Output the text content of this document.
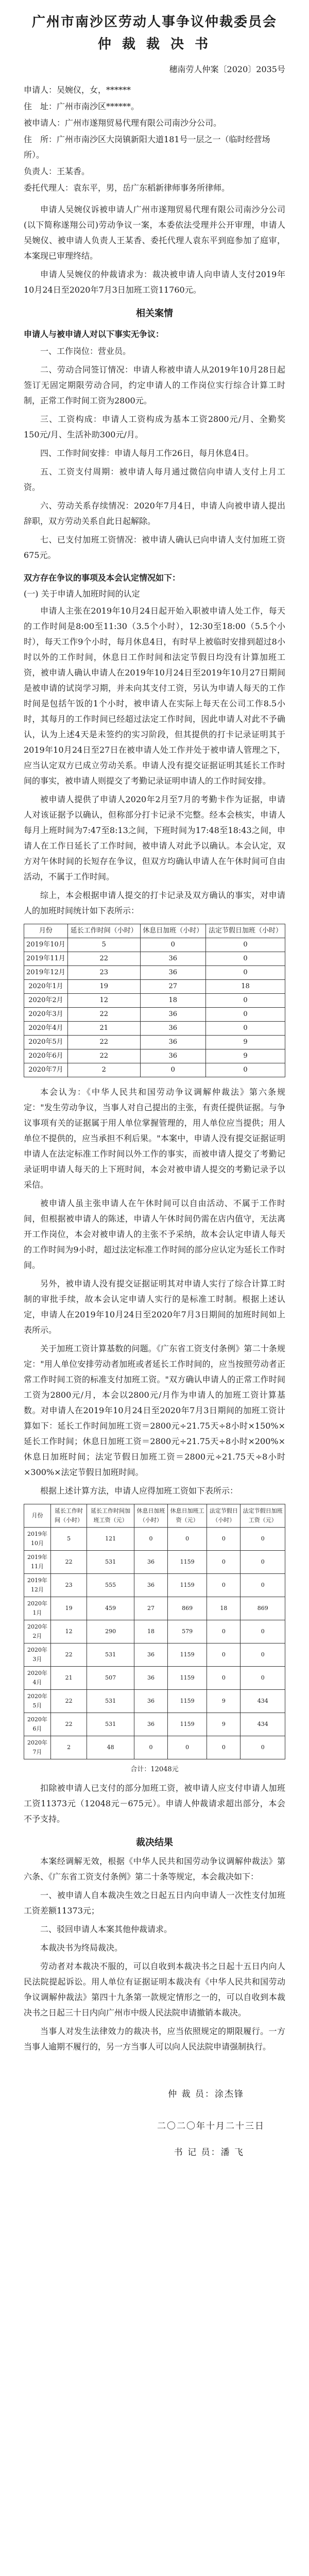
广州市南沙区劳动人事争议仲裁委员会
仲 裁 裁 决 书
穗南劳人仲案〔2020〕2035号
申请人：吴婉仪，女，******
住　址：广州市南沙区******。
被申请人：广州市遂翔贸易代理有限公司南沙分公司。
住　所：广州市南沙区大岗镇新阳大道181号一层之一（临时经营场所）。
负责人：王某香。
委托代理人：袁东平，男，岳广东稻新律师事务所律师。

申请人吴婉仪诉被申请人广州市遂翔贸易代理有限公司南沙分公司(以下简称遂翔公司)劳动争议一案，本委依法受理并公开审理，申请人吴婉仪、被申请人负责人王某香、委托代理人袁东平到庭参加了庭审，本案现已审理终结。

申请人吴婉仪的仲裁请求为：裁决被申请人向申请人支付2019年10月24日至2020年7月3日加班工资11760元。

相关案情
申请人与被申请人对以下事实无争议：

一、工作岗位：营业员。

二、劳动合同签订情况：申请人称被申请人从2019年10月28日起签订无固定期限劳动合同，约定申请人的工作岗位实行综合计算工时制，正常工作时间工资为2800元。

三、工资构成：申请人工资构成为基本工资2800元/月、全勤奖150元/月、生活补助300元/月。

四、工作时间安排：申请人每月工作26日，每月休息4日。

五、工资支付周期：被申请人每月通过微信向申请人支付上月工资。

六、劳动关系存续情况：2020年7月4日，申请人向被申请人提出辞职，双方劳动关系自此日起解除。

七、已支付加班工资情况：被申请人确认已向申请人支付加班工资675元。

双方存在争议的事项及本会认定情况如下：
(一) 关于申请人加班时间的认定

申请人主张在2019年10月24日起开始入职被申请人处工作，每天的工作时间是8:00至11:30（3.5个小时），12:30至18:00（5.5个小时），每天工作9个小时，每月休息4日，有时早上被临时安排到超过8小时以外的工作时间，休息日工作时间和法定节假日均没有计算加班工资，被申请人确认申请人在2019年10月24日至2019年10月27日期间是被申请的试岗学习期，并未向其支付工资，另认为申请人每天的工作时间是包括午饭的1个小时，被申请人在实际上每天在公司工作8.5小时，其每月的工作时间已经超过法定工作时间，因此申请人对此不予确认，认为上述4天是未签约的实习阶段，但其提供的打卡记录证明其于2019年10月24日至27日在被申请人处工作并处于被申请人管理之下，应当认定双方已成立劳动关系。申请人没有提交证据证明其延长工作时间的事实，被申请人则提交了考勤记录证明申请人的工作时间安排。

被申请人提供了申请人2020年2月至7月的考勤卡作为证据，申请人对该证据予以确认，但称部分打卡记录不完整。经本会核实，申请人每月上班时间为7:47至8:13之间，下班时间为17:48至18:43之间，申请人在工作日延长了工作时间，被申请人对此予以确认。本会认定，双方对午休时间的长短存在争议，但双方均确认申请人在午休时间可自由活动，不属于工作时间。

综上，本会根据申请人提交的打卡记录及双方确认的事实，对申请人的加班时间统计如下表所示：

月份	延长工作时间（小时）	休息日加班（小时）	法定节假日加班（小时）
2019年10月	5	0	0
2019年11月	22	36	0
2019年12月	23	36	0
2020年1月	19	27	18
2020年2月	12	18	0
2020年3月	22	36	0
2020年4月	21	36	0
2020年5月	22	36	9
2020年6月	22	36	9
2020年7月	2	0	0

本会认为：《中华人民共和国劳动争议调解仲裁法》第六条规定："发生劳动争议，当事人对自己提出的主张，有责任提供证据。与争议事项有关的证据属于用人单位掌握管理的，用人单位应当提供；用人单位不提供的，应当承担不利后果。"本案中，申请人没有提交证据证明申请人在法定标准工作时间以外工作的事实，而被申请人提交了考勤记录证明申请人每天的上下班时间，本会对被申请人提交的考勤记录予以采信。

被申请人虽主张申请人在午休时间可以自由活动、不属于工作时间，但根据被申请人的陈述，申请人午休时间仍需在店内值守，无法离开工作岗位，本会对被申请人的主张不予采纳，故本会认定申请人每天的工作时间为9小时，超过法定标准工作时间的部分应认定为延长工作时间。

另外，被申请人没有提交证据证明其对申请人实行了综合计算工时制的审批手续，故本会认定申请人实行的是标准工时制。根据上述认定，申请人在2019年10月24日至2020年7月3日期间的加班时间如上表所示。

关于加班工资计算基数的问题。《广东省工资支付条例》第二十条规定："用人单位安排劳动者加班或者延长工作时间的，应当按照劳动者正常工作时间工资的标准支付加班工资。"双方确认申请人的正常工作时间工资为2800元/月，本会以2800元/月作为申请人的加班工资计算基数。对申请人在2019年10月24日至2020年7月3日期间的加班工资计算如下：延长工作时间加班工资＝2800元÷21.75天÷8小时×150%×延长工作时间；休息日加班工资＝2800元÷21.75天÷8小时×200%×休息日加班时间；法定节假日加班工资＝2800元÷21.75天÷8小时×300%×法定节假日加班时间。

根据上述计算方法，申请人应得加班工资如下表所示：

月份	延长工作时间（小时）	延长工作时间加班工资（元）	休息日加班（小时）	休息日加班工资（元）	法定节假日（小时）	法定节假日加班工资（元）
2019年10月	5	121	0	0	0	0
2019年11月	22	531	36	1159	0	0
2019年12月	23	555	36	1159	0	0
2020年1月	19	459	27	869	18	869
2020年2月	12	290	18	579	0	0
2020年3月	22	531	36	1159	0	0
2020年4月	21	507	36	1159	0	0
2020年5月	22	531	36	1159	9	434
2020年6月	22	531	36	1159	9	434
2020年7月	2	48	0	0	0	0
合计：12048元

扣除被申请人已支付的部分加班工资，被申请人应支付申请人加班工资11373元（12048元－675元）。申请人仲裁请求超出部分，本会不予支持。

裁决结果

本案经调解无效，根据《中华人民共和国劳动争议调解仲裁法》第六条、《广东省工资支付条例》第二十条等规定，本会裁决如下：

一、被申请人自本裁决生效之日起五日内向申请人一次性支付加班工资差额11373元；

二、驳回申请人本案其他仲裁请求。

本裁决书为终局裁决。

劳动者对本裁决不服的，可以自收到本裁决书之日起十五日内向人民法院提起诉讼。用人单位有证据证明本裁决有《中华人民共和国劳动争议调解仲裁法》第四十九条第一款规定情形之一的，可以自收到本裁决书之日起三十日内向广州市中级人民法院申请撤销本裁决。

当事人对发生法律效力的裁决书，应当依照规定的期限履行。一方当事人逾期不履行的，另一方当事人可以向人民法院申请强制执行。

仲 裁 员：涂杰锋
二〇二〇年十月二十三日
书 记 员：潘 飞
